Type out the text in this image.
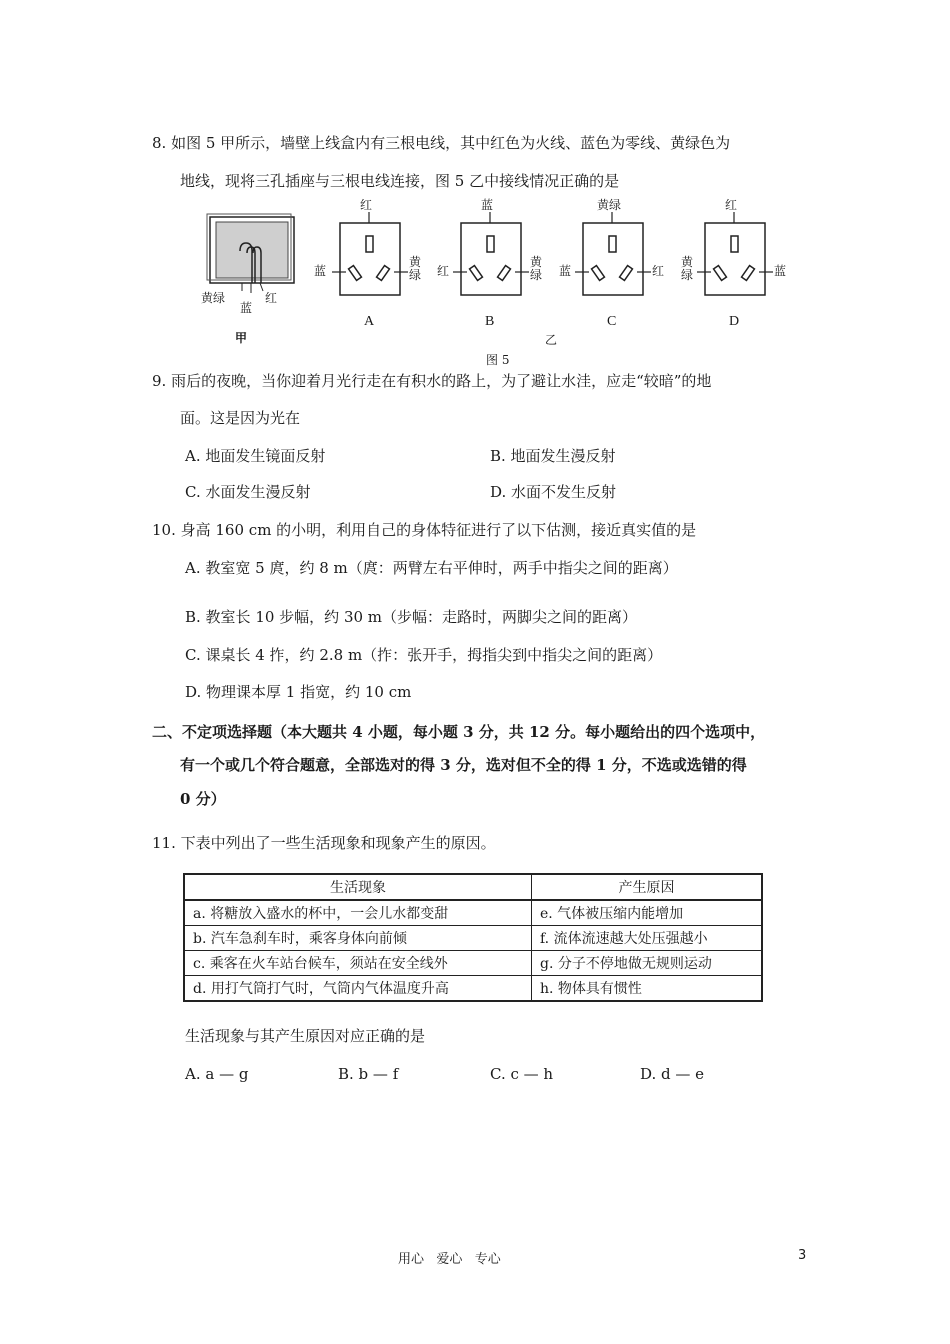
8. 如图 5 甲所示，墙壁上线盒内有三根电线，其中红色为火线、蓝色为零线、黄绿色为
地线，现将三孔插座与三根电线连接，图 5 乙中接线情况正确的是
黄绿
蓝
红
甲
红
蓝
黄绿
A
蓝
红
黄绿
B
黄绿
蓝	红
C
红
黄绿	蓝
D
乙
图 5
9. 雨后的夜晚，当你迎着月光行走在有积水的路上，为了避让水洼，应走“较暗”的地
面。这是因为光在
A. 地面发生镜面反射	B. 地面发生漫反射
C. 水面发生漫反射	D. 水面不发生反射
10. 身高 160 cm 的小明，利用自己的身体特征进行了以下估测，接近真实值的是
A. 教室宽 5 庹，约 8 m（庹：两臂左右平伸时，两手中指尖之间的距离）
B. 教室长 10 步幅，约 30 m（步幅：走路时，两脚尖之间的距离）
C. 课桌长 4 拃，约 2.8 m（拃：张开手，拇指尖到中指尖之间的距离）
D. 物理课本厚 1 指宽，约 10 cm
二、不定项选择题（本大题共 4 小题，每小题 3 分，共 12 分。每小题给出的四个选项中，
有一个或几个符合题意，全部选对的得 3 分，选对但不全的得 1 分，不选或选错的得
0 分）
11. 下表中列出了一些生活现象和现象产生的原因。
生活现象	产生原因
a. 将糖放入盛水的杯中，一会儿水都变甜	e. 气体被压缩内能增加
b. 汽车急刹车时，乘客身体向前倾	f. 流体流速越大处压强越小
c. 乘客在火车站台候车，须站在安全线外	g. 分子不停地做无规则运动
d. 用打气筒打气时，气筒内气体温度升高	h. 物体具有惯性
生活现象与其产生原因对应正确的是
A. a — g	B. b — f	C. c — h	D. d — e
用心   爱心   专心	3
